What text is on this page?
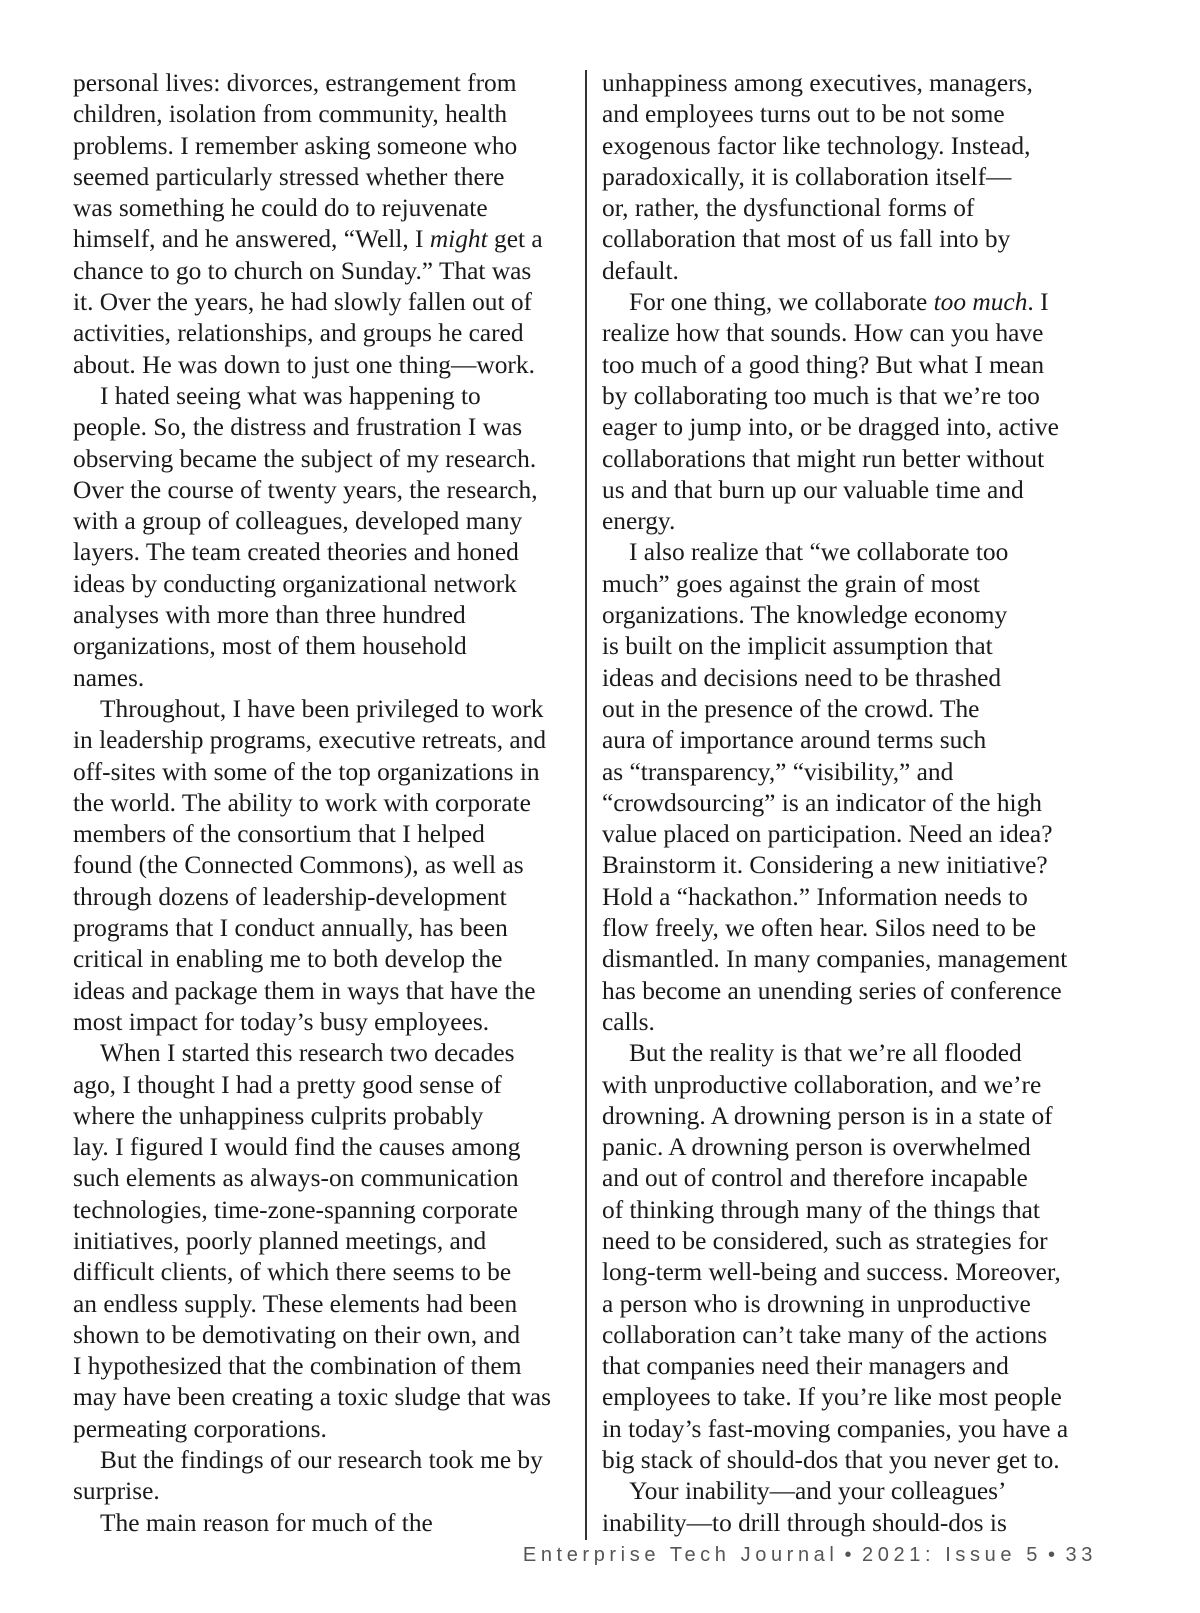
personal lives: divorces, estrangement from
children, isolation from community, health
problems. I remember asking someone who
seemed particularly stressed whether there
was something he could do to rejuvenate
himself, and he answered, “Well, I might get a
chance to go to church on Sunday.” That was
it. Over the years, he had slowly fallen out of
activities, relationships, and groups he cared
about. He was down to just one thing—work.
I hated seeing what was happening to
people. So, the distress and frustration I was
observing became the subject of my research.
Over the course of twenty years, the research,
with a group of colleagues, developed many
layers. The team created theories and honed
ideas by conducting organizational network
analyses with more than three hundred
organizations, most of them household
names.
Throughout, I have been privileged to work
in leadership programs, executive retreats, and
off-sites with some of the top organizations in
the world. The ability to work with corporate
members of the consortium that I helped
found (the Connected Commons), as well as
through dozens of leadership-development
programs that I conduct annually, has been
critical in enabling me to both develop the
ideas and package them in ways that have the
most impact for today’s busy employees.
When I started this research two decades
ago, I thought I had a pretty good sense of
where the unhappiness culprits probably
lay. I figured I would find the causes among
such elements as always-on communication
technologies, time-zone-spanning corporate
initiatives, poorly planned meetings, and
difficult clients, of which there seems to be
an endless supply. These elements had been
shown to be demotivating on their own, and
I hypothesized that the combination of them
may have been creating a toxic sludge that was
permeating corporations.
But the findings of our research took me by
surprise.
The main reason for much of the
unhappiness among executives, managers,
and employees turns out to be not some
exogenous factor like technology. Instead,
paradoxically, it is collaboration itself—
or, rather, the dysfunctional forms of
collaboration that most of us fall into by
default.
For one thing, we collaborate too much. I
realize how that sounds. How can you have
too much of a good thing? But what I mean
by collaborating too much is that we’re too
eager to jump into, or be dragged into, active
collaborations that might run better without
us and that burn up our valuable time and
energy.
I also realize that “we collaborate too
much” goes against the grain of most
organizations. The knowledge economy
is built on the implicit assumption that
ideas and decisions need to be thrashed
out in the presence of the crowd. The
aura of importance around terms such
as “transparency,” “visibility,” and
“crowdsourcing” is an indicator of the high
value placed on participation. Need an idea?
Brainstorm it. Considering a new initiative?
Hold a “hackathon.” Information needs to
flow freely, we often hear. Silos need to be
dismantled. In many companies, management
has become an unending series of conference
calls.
But the reality is that we’re all flooded
with unproductive collaboration, and we’re
drowning. A drowning person is in a state of
panic. A drowning person is overwhelmed
and out of control and therefore incapable
of thinking through many of the things that
need to be considered, such as strategies for
long-term well-being and success. Moreover,
a person who is drowning in unproductive
collaboration can’t take many of the actions
that companies need their managers and
employees to take. If you’re like most people
in today’s fast-moving companies, you have a
big stack of should-dos that you never get to.
Your inability—and your colleagues’
inability—to drill through should-dos is
Enterprise Tech Journal • 2021: Issue 5 • 33
